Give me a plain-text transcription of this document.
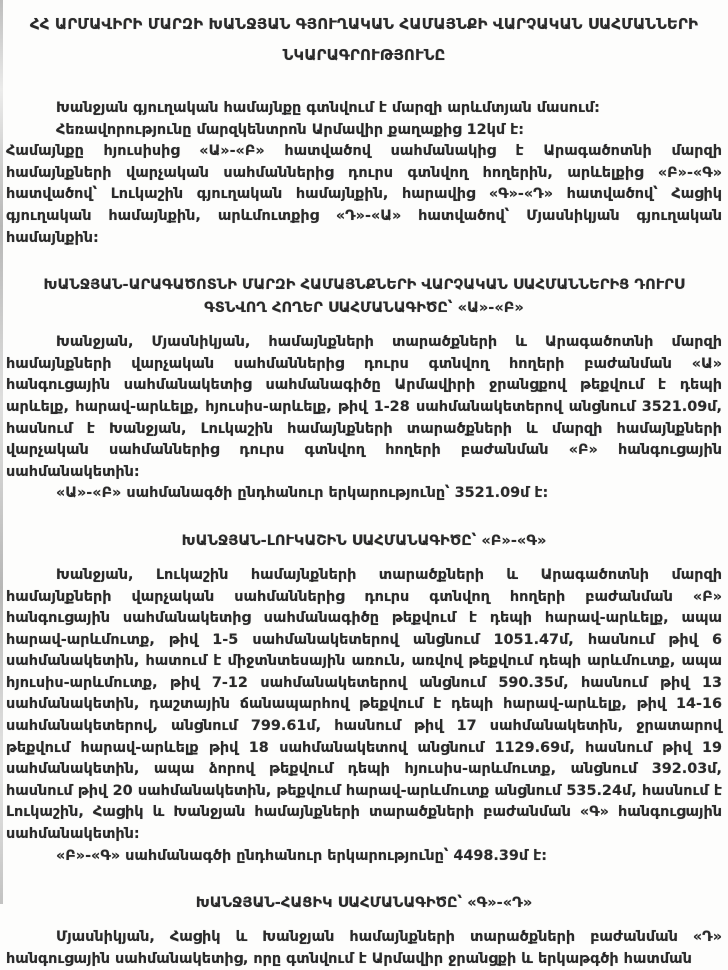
ՀՀ ԱՐՄԱՎԻՐԻ ՄԱՐԶԻ ԽԱՆՋՅԱՆ ԳՅՈՒՂԱԿԱՆ ՀԱՄԱՅՆՔԻ ՎԱՐՉԱԿԱՆ ՍԱՀՄԱՆՆԵՐԻ
ՆԿԱՐԱԳՐՈՒԹՅՈՒՆԸ

Խանջյան գյուղական համայնքը գտնվում է մարզի արևմտյան մասում:

Հեռավորությունը մարզկենտրոն Արմավիր քաղաքից 12կմ է:

Համայնքը հյուսիսից «Ա»-«Բ» հատվածով սահմանակից է Արագածոտնի մարզի համայնքների վարչական սահմաններից դուրս գտնվող հողերին, արևելքից «Բ»-«Գ» հատվածով՝ Լուկաշին գյուղական համայնքին, հարավից «Գ»-«Դ» հատվածով՝ Հացիկ գյուղական համայնքին, արևմուտքից «Դ»-«Ա» հատվածով՝ Մյասնիկյան գյուղական համայնքին:

ԽԱՆՋՅԱՆ-ԱՐԱԳԱԾՈՏՆԻ ՄԱՐԶԻ ՀԱՄԱՅՆՔՆԵՐԻ ՎԱՐՉԱԿԱՆ ՍԱՀՄԱՆՆԵՐԻՑ ԴՈՒՐՍ ԳՏՆՎՈՂ ՀՈՂԵՐ ՍԱՀՄԱՆԱԳԻԾԸ՝ «Ա»-«Բ»

Խանջյան, Մյասնիկյան, համայնքների տարածքների և Արագածոտնի մարզի համայնքների վարչական սահմաններից դուրս գտնվող հողերի բաժանման «Ա» հանգուցային սահմանակետից սահմանագիծը Արմավիրի ջրանցքով թեքվում է դեպի արևելք, հարավ-արևելք, հյուսիս-արևելք, թիվ 1-28 սահմանակետերով անցնում 3521.09մ, հասնում է Խանջյան, Լուկաշին համայնքների տարածքների և մարզի համայնքների վարչական սահմաններից դուրս գտնվող հողերի բաժանման «Բ» հանգուցային սահմանակետին:

«Ա»-«Բ» սահմանագծի ընդհանուր երկարությունը՝ 3521.09մ է:

ԽԱՆՋՅԱՆ-ԼՈՒԿԱՇԻՆ ՍԱՀՄԱՆԱԳԻԾԸ՝ «Բ»-«Գ»

Խանջյան, Լուկաշին համայնքների տարածքների և Արագածոտնի մարզի համայնքների վարչական սահմաններից դուրս գտնվող հողերի բաժանման «Բ» հանգուցային սահմանակետից սահմանագիծը թեքվում է դեպի հարավ-արևելք, ապա հարավ-արևմուտք, թիվ 1-5 սահմանակետերով անցնում 1051.47մ, հասնում թիվ 6 սահմանակետին, հատում է միջտնտեսային առուն, առվով թեքվում դեպի արևմուտք, ապա հյուսիս-արևմուտք, թիվ 7-12 սահմանակետերով անցնում 590.35մ, հասնում թիվ 13 սահմանակետին, դաշտային ճանապարհով թեքվում է դեպի հարավ-արևելք, թիվ 14-16 սահմանակետերով, անցնում 799.61մ, հասնում թիվ 17 սահմանակետին, ջրատարով թեքվում հարավ-արևելք թիվ 18 սահմանակետով անցնում 1129.69մ, հասնում թիվ 19 սահմանակետին, ապա ձորով թեքվում դեպի հյուսիս-արևմուտք, անցնում 392.03մ, հասնում թիվ 20 սահմանակետին, թեքվում հարավ-արևմուտք անցնում 535.24մ, հասնում է Լուկաշին, Հացիկ և Խանջյան համայնքների տարածքների բաժանման «Գ» հանգուցային սահմանակետին:

«Բ»-«Գ» սահմանագծի ընդհանուր երկարությունը՝ 4498.39մ է:

ԽԱՆՋՅԱՆ-ՀԱՑԻԿ ՍԱՀՄԱՆԱԳԻԾԸ՝ «Գ»-«Դ»

Մյասնիկյան, Հացիկ և Խանջյան համայնքների տարածքների բաժանման «Դ» հանգուցային սահմանակետից, որը գտնվում է Արմավիր ջրանցքի և երկաթգծի հատման
